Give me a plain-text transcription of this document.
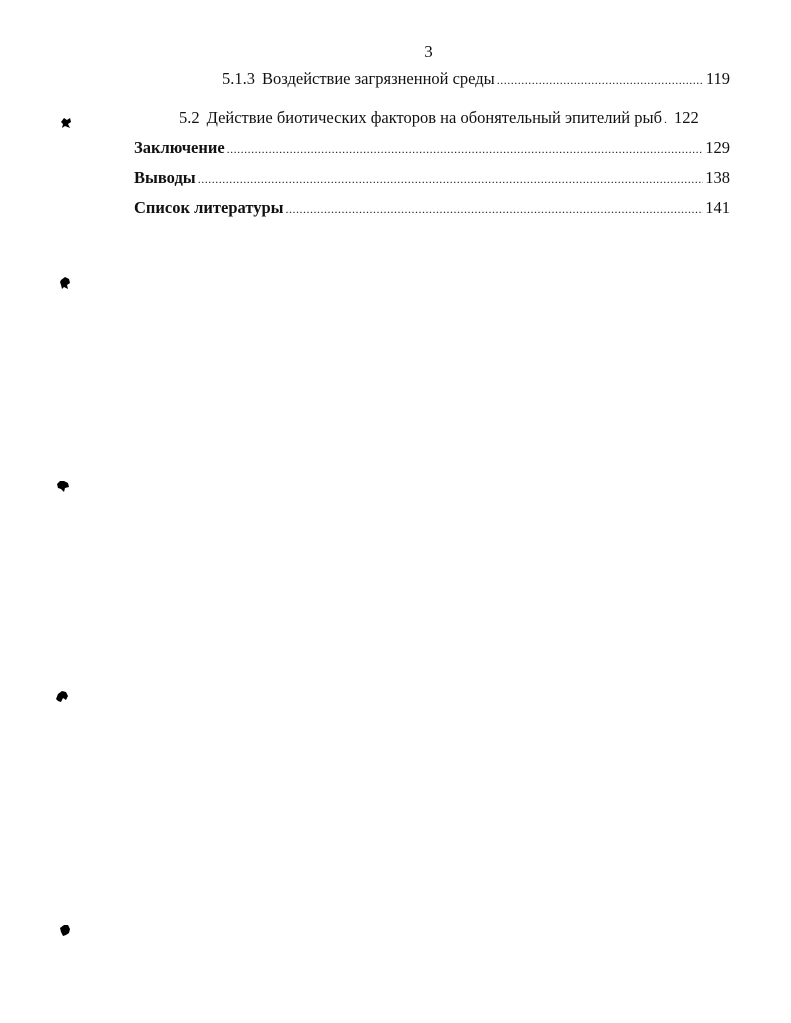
3
5.1.3 Воздействие загрязненной среды .....	119
5.2 Действие биотических факторов на обонятельный эпителий рыб . 122
Заключение .....	129
Выводы .....	138
Список литературы .....	141
